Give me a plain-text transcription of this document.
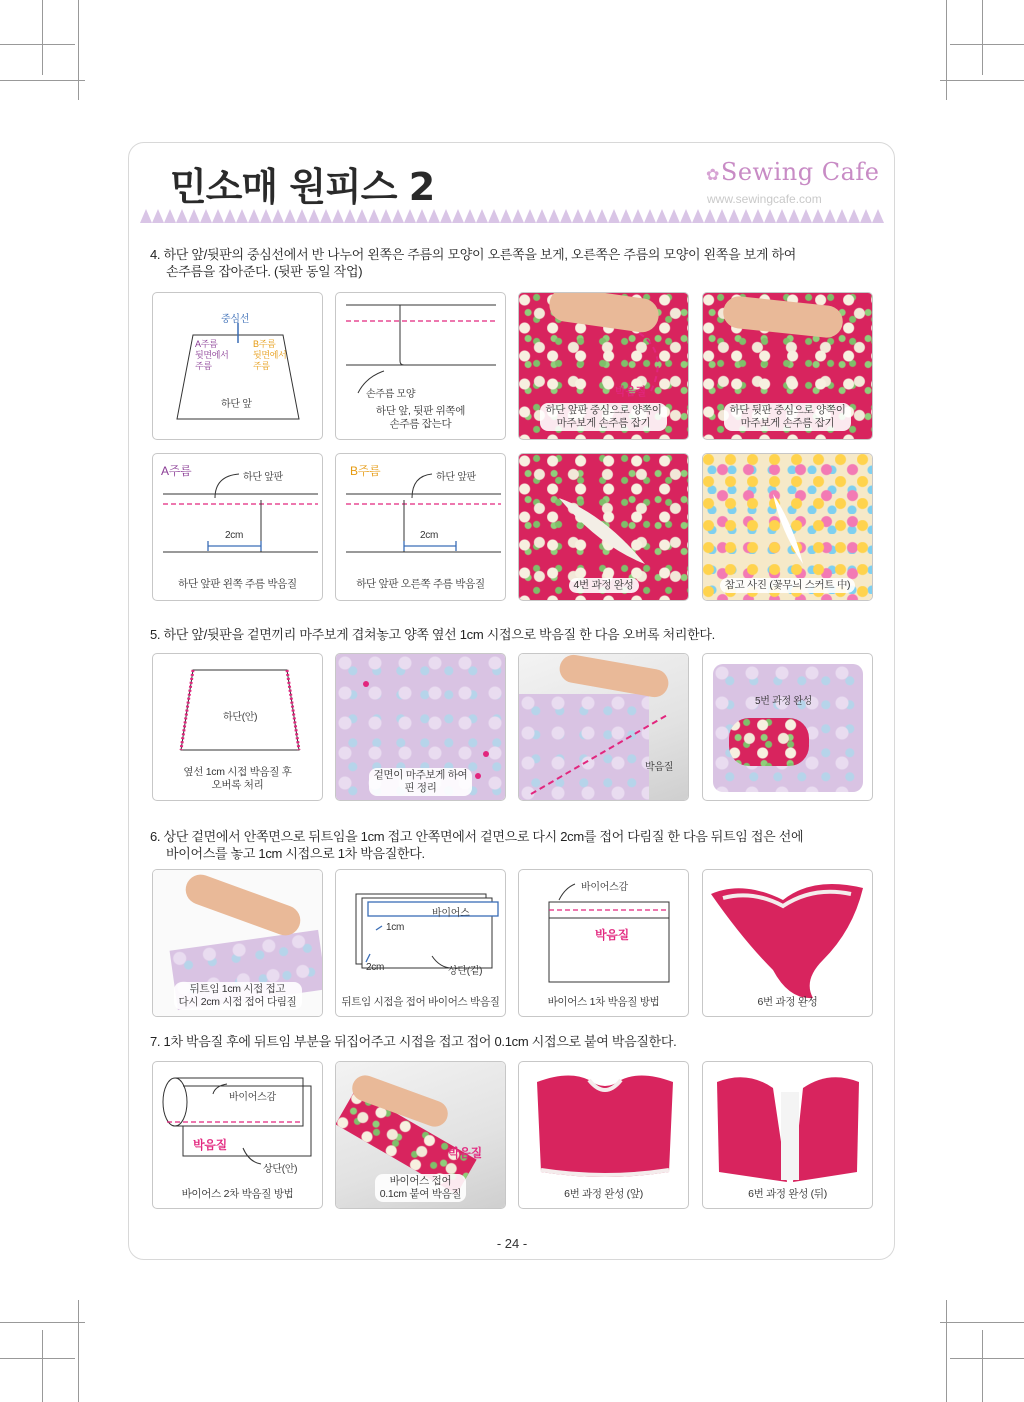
민소매 원피스 2	✿Sewing Cafe
www.sewingcafe.com
4. 하단 앞/뒷판의 중심선에서 반 나누어 왼쪽은 주름의 모양이 오른쪽을 보게, 오른쪽은 주름의 모양이 왼쪽을 보게 하여
손주름을 잡아준다. (뒷판 동일 작업)
중심선
A주름
뒷면에서
주름
B주름
뒷면에서
주름
하단 앞
손주름 모양
하단 앞, 뒷판 위쪽에
손주름 잡는다
박음질
하단 앞판 중심으로 양쪽이
마주보게 손주름 잡기
하단 뒷판 중심으로 양쪽이
마주보게 손주름 잡기
A주름	하단 앞판
2cm
하단 앞판 왼쪽 주름 박음질
B주름	하단 앞판
2cm
하단 앞판 오른쪽 주름 박음질	4번 과정 완성	참고 사진 (꽃무늬 스커트 中)
5. 하단 앞/뒷판을 겉면끼리 마주보게 겹쳐놓고 양쪽 옆선 1cm 시접으로 박음질 한 다음 오버록 처리한다.
하단(안)
옆선 1cm 시접 박음질 후
오버록 처리
겉면이 마주보게 하여
핀 정리
박음질
5번 과정 완성
6. 상단 겉면에서 안쪽면으로 뒤트임을 1cm 접고 안쪽면에서 겉면으로 다시 2cm를 접어 다림질 한 다음 뒤트임 접은 선에
바이어스를 놓고 1cm 시접으로 1차 박음질한다.
뒤트임 1cm 시접 접고
다시 2cm 시접 접어 다림질
바이어스
1cm
2cm	상단(겉)
뒤트임 시접을 접어 바이어스 박음질
바이어스감
박음질
바이어스 1차 박음질 방법	6번 과정 완성
7. 1차 박음질 후에 뒤트임 부분을 뒤집어주고 시접을 접고 접어 0.1cm 시접으로 붙여 박음질한다.
바이어스감
박음질
상단(안)
바이어스 2차 박음질 방법
박음질
바이어스 접어
0.1cm 붙여 박음질	6번 과정 완성 (앞)	6번 과정 완성 (뒤)
- 24 -
